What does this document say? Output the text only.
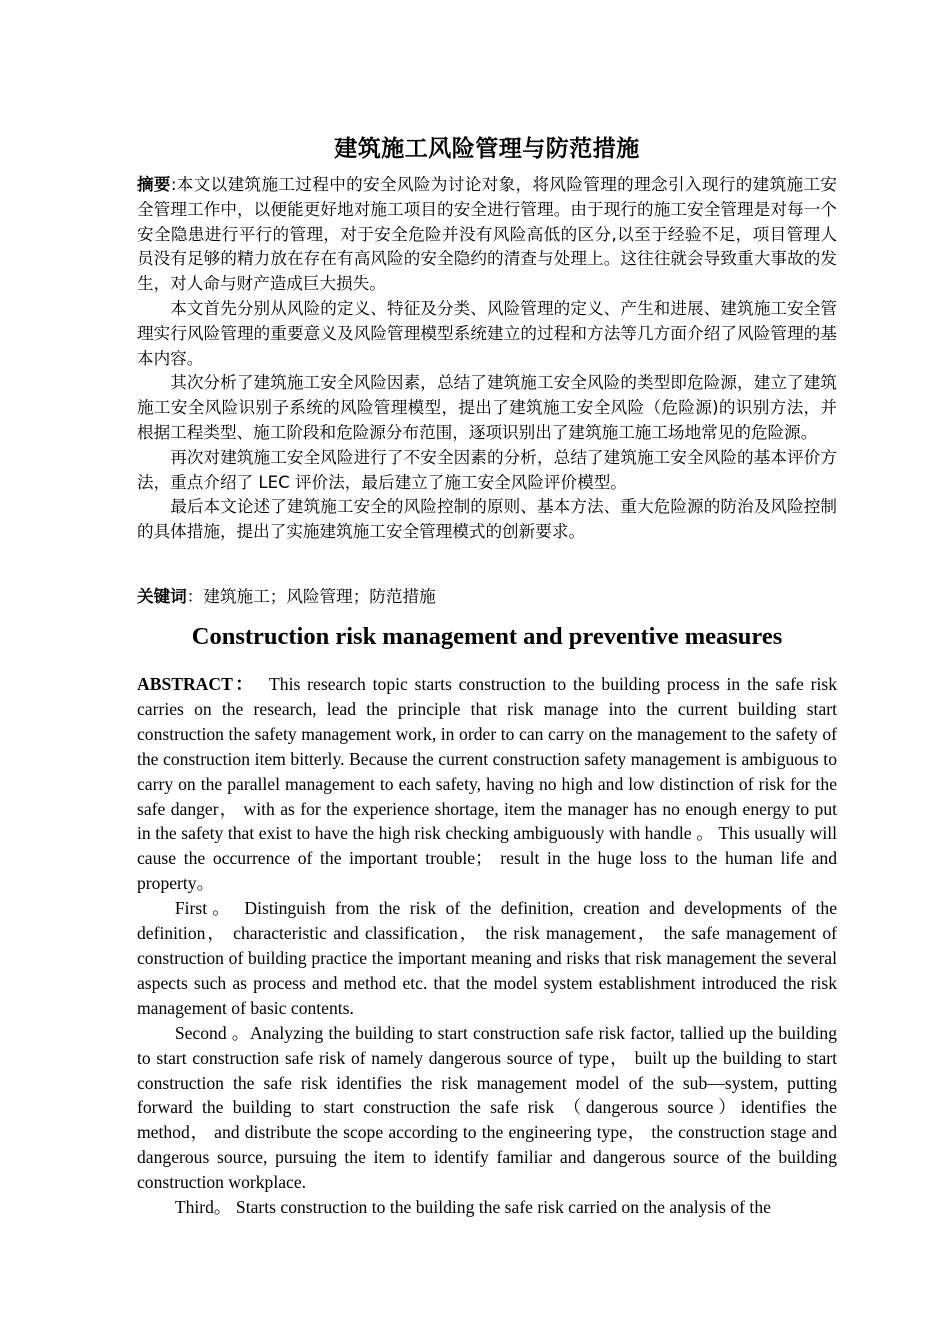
建筑施工风险管理与防范措施

摘要:本文以建筑施工过程中的安全风险为讨论对象，将风险管理的理念引入现行的建筑施工安全管理工作中，以便能更好地对施工项目的安全进行管理。由于现行的施工安全管理是对每一个安全隐患进行平行的管理，对于安全危险并没有风险高低的区分,以至于经验不足，项目管理人员没有足够的精力放在存在有高风险的安全隐约的清查与处理上。这往往就会导致重大事故的发生，对人命与财产造成巨大损失。

本文首先分别从风险的定义、特征及分类、风险管理的定义、产生和进展、建筑施工安全管理实行风险管理的重要意义及风险管理模型系统建立的过程和方法等几方面介绍了风险管理的基本内容。

其次分析了建筑施工安全风险因素，总结了建筑施工安全风险的类型即危险源，建立了建筑施工安全风险识别子系统的风险管理模型，提出了建筑施工安全风险（危险源)的识别方法，并根据工程类型、施工阶段和危险源分布范围，逐项识别出了建筑施工施工场地常见的危险源。

再次对建筑施工安全风险进行了不安全因素的分析，总结了建筑施工安全风险的基本评价方法，重点介绍了 LEC 评价法，最后建立了施工安全风险评价模型。

最后本文论述了建筑施工安全的风险控制的原则、基本方法、重大危险源的防治及风险控制的具体措施，提出了实施建筑施工安全管理模式的创新要求。

关键词：建筑施工；风险管理；防范措施
Construction risk management and preventive measures

ABSTRACT： This research topic starts construction to the building process in the safe risk carries on the research, lead the principle that risk manage into the current building start construction the safety management work, in order to can carry on the management to the safety of the construction item bitterly. Because the current construction safety management is ambiguous to carry on the parallel management to each safety, having no high and low distinction of risk for the safe danger， with as for the experience shortage, item the manager has no enough energy to put in the safety that exist to have the high risk checking ambiguously with handle 。 This usually will cause the occurrence of the important trouble； result in the huge loss to the human life and property。

First。 Distinguish from the risk of the definition, creation and developments of the definition， characteristic and classification， the risk management， the safe management of construction of building practice the important meaning and risks that risk management the several aspects such as process and method etc. that the model system establishment introduced the risk management of basic contents.

Second 。Analyzing the building to start construction safe risk factor, tallied up the building to start construction safe risk of namely dangerous source of type， built up the building to start construction the safe risk identifies the risk management model of the sub—system, putting forward the building to start construction the safe risk （dangerous source）identifies the method， and distribute the scope according to the engineering type， the construction stage and dangerous source, pursuing the item to identify familiar and dangerous source of the building construction workplace.

Third。 Starts construction to the building the safe risk carried on the analysis of the
